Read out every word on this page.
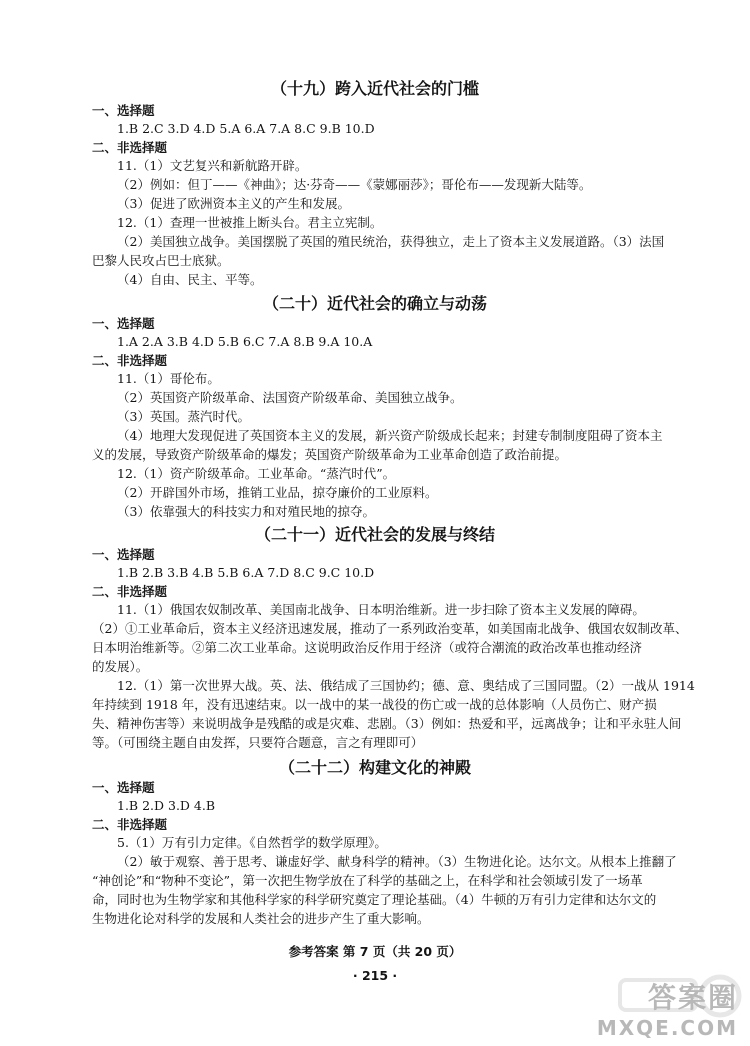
（十九）跨入近代社会的门槛
一、选择题
1.B 2.C 3.D 4.D 5.A 6.A 7.A 8.C 9.B 10.D
二、非选择题
11.（1）文艺复兴和新航路开辟。
（2）例如：但丁——《神曲》；达·芬奇——《蒙娜丽莎》；哥伦布——发现新大陆等。
（3）促进了欧洲资本主义的产生和发展。
12.（1）查理一世被推上断头台。君主立宪制。
（2）美国独立战争。美国摆脱了英国的殖民统治，获得独立，走上了资本主义发展道路。（3）法国
巴黎人民攻占巴士底狱。
（4）自由、民主、平等。
（二十）近代社会的确立与动荡
一、选择题
1.A 2.A 3.B 4.D 5.B 6.C 7.A 8.B 9.A 10.A
二、非选择题
11.（1）哥伦布。
（2）英国资产阶级革命、法国资产阶级革命、美国独立战争。
（3）英国。蒸汽时代。
（4）地理大发现促进了英国资本主义的发展，新兴资产阶级成长起来；封建专制制度阻碍了资本主
义的发展，导致资产阶级革命的爆发；英国资产阶级革命为工业革命创造了政治前提。
12.（1）资产阶级革命。工业革命。“蒸汽时代”。
（2）开辟国外市场，推销工业品，掠夺廉价的工业原料。
（3）依靠强大的科技实力和对殖民地的掠夺。
（二十一）近代社会的发展与终结
一、选择题
1.B 2.B 3.B 4.B 5.B 6.A 7.D 8.C 9.C 10.D
二、非选择题
11.（1）俄国农奴制改革、美国南北战争、日本明治维新。进一步扫除了资本主义发展的障碍。
（2）①工业革命后，资本主义经济迅速发展，推动了一系列政治变革，如美国南北战争、俄国农奴制改革、
日本明治维新等。②第二次工业革命。这说明政治反作用于经济（或符合潮流的政治改革也推动经济
的发展）。
12.（1）第一次世界大战。英、法、俄结成了三国协约；德、意、奥结成了三国同盟。（2）一战从 1914
年持续到 1918 年，没有迅速结束。以一战中的某一战役的伤亡或一战的总体影响（人员伤亡、财产损
失、精神伤害等）来说明战争是残酷的或是灾难、悲剧。（3）例如：热爱和平，远离战争；让和平永驻人间
等。（可围绕主题自由发挥，只要符合题意，言之有理即可）
（二十二）构建文化的神殿
一、选择题
1.B 2.D 3.D 4.B
二、非选择题
5.（1）万有引力定律。《自然哲学的数学原理》。
（2）敏于观察、善于思考、谦虚好学、献身科学的精神。（3）生物进化论。达尔文。从根本上推翻了
“神创论”和“物种不变论”，第一次把生物学放在了科学的基础之上，在科学和社会领域引发了一场革
命，同时也为生物学家和其他科学家的科学研究奠定了理论基础。（4）牛顿的万有引力定律和达尔文的
生物进化论对科学的发展和人类社会的进步产生了重大影响。
参考答案 第 7 页（共 20 页）
· 215 ·
答案圈
MXQE.COM
